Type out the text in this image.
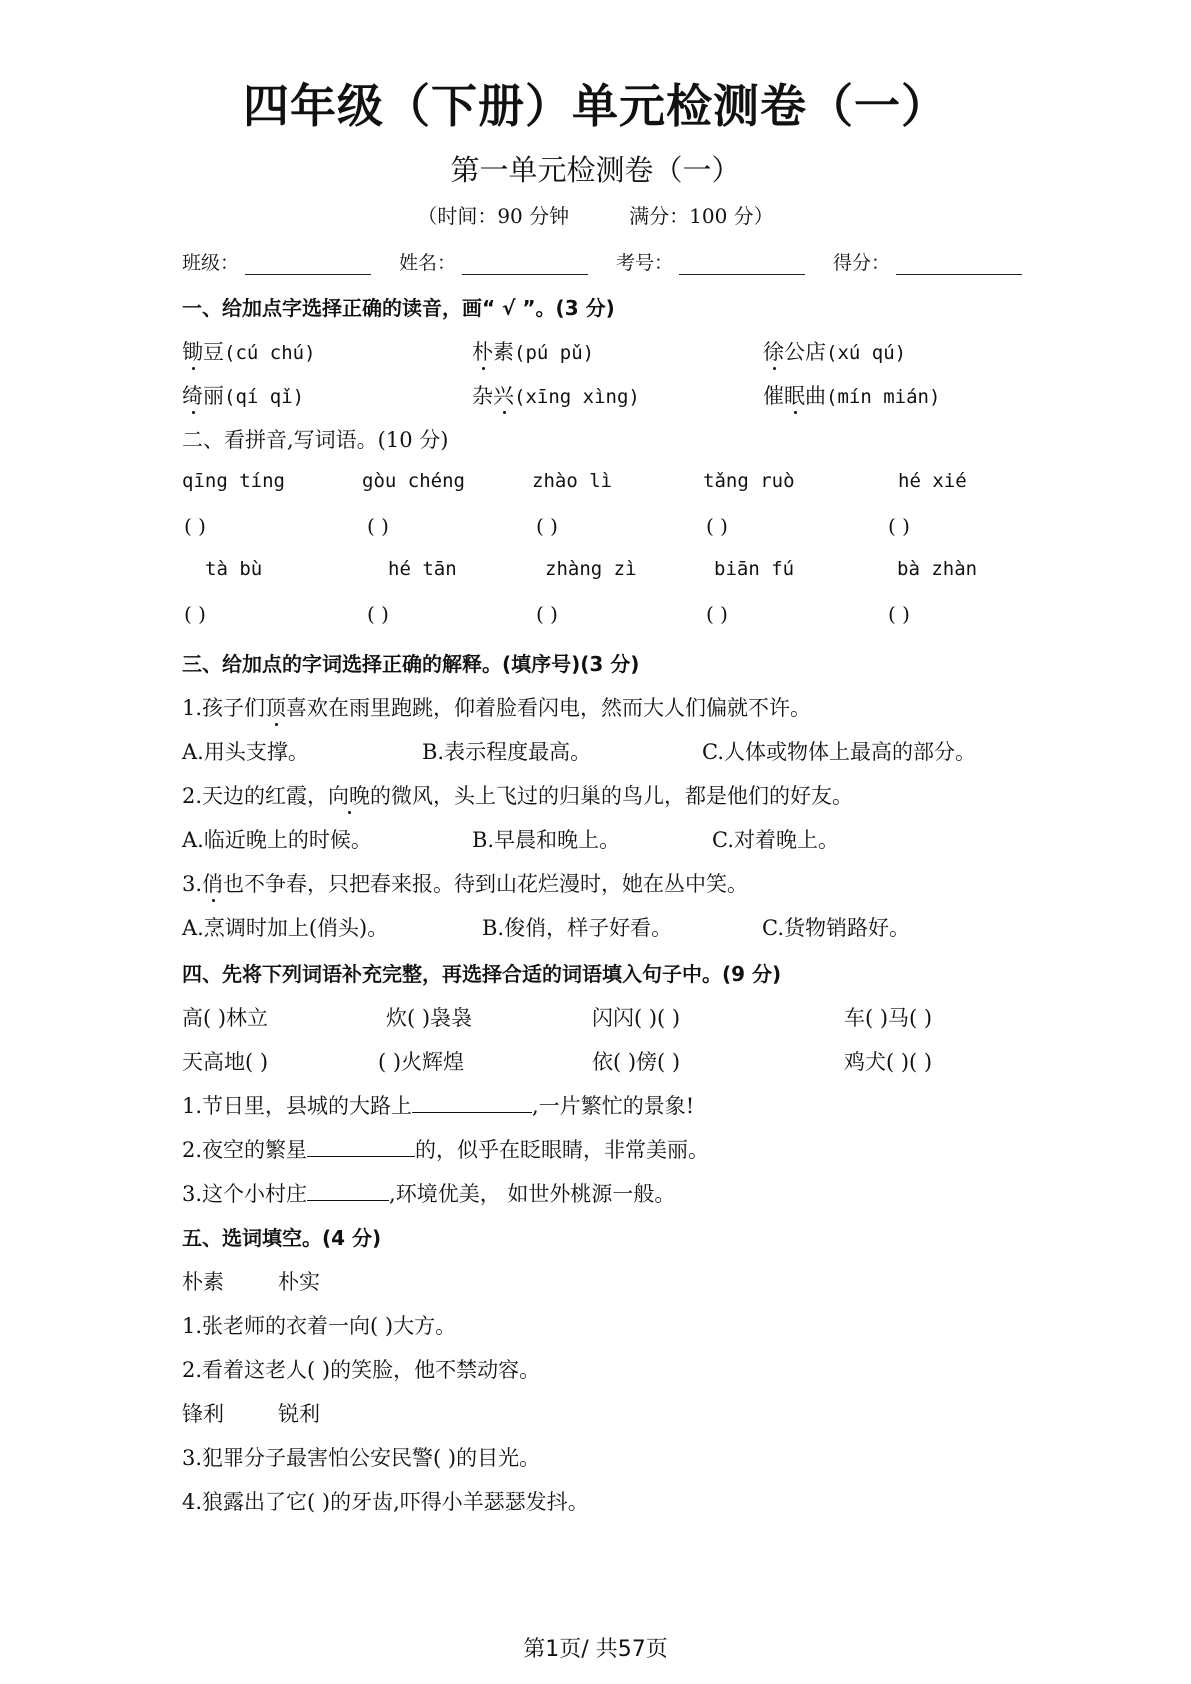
四年级（下册）单元检测卷（一）
第一单元检测卷（一）
（时间：90 分钟	满分：100 分）
班级：	姓名：	考号：	得分：
一、给加点字选择正确的读音，画“ √ ”。(3 分)
锄豆(cú chú)	朴素(pú pǔ)	徐公店(xú qú)
绮丽(qí qǐ)	杂兴(xīng xìng)	催眠曲(mín mián)
二、看拼音,写词语。(10 分)
qīng tíng	gòu chéng	zhào lì	tǎng ruò	hé xié
( )	( )	( )	( )	( )
tà bù	hé tān	zhàng zì	biān fú	bà zhàn
( )	( )	( )	( )	( )
三、给加点的字词选择正确的解释。(填序号)(3 分)
1.孩子们顶喜欢在雨里跑跳，仰着脸看闪电，然而大人们偏就不许。
A.用头支撑。	B.表示程度最高。	C.人体或物体上最高的部分。
2.天边的红霞，向晚的微风，头上飞过的归巢的鸟儿，都是他们的好友。
A.临近晚上的时候。	B.早晨和晚上。	C.对着晚上。
3.俏也不争春，只把春来报。待到山花烂漫时，她在丛中笑。
A.烹调时加上(俏头)。	B.俊俏，样子好看。	C.货物销路好。
四、先将下列词语补充完整，再选择合适的词语填入句子中。(9 分)
高( )林立	炊( )袅袅	闪闪( )( )	车( )马( )
天高地( )	( )火辉煌	依( )傍( )	鸡犬( )( )
1.节日里，县城的大路上	,一片繁忙的景象!
2.夜空的繁星	的，似乎在眨眼睛，非常美丽。
3.这个小村庄	,环境优美， 如世外桃源一般。
五、选词填空。(4 分)
朴素	朴实
1.张老师的衣着一向( )大方。
2.看着这老人( )的笑脸，他不禁动容。
锋利	锐利
3.犯罪分子最害怕公安民警( )的目光。
4.狼露出了它( )的牙齿,吓得小羊瑟瑟发抖。
第1页/ 共57页
